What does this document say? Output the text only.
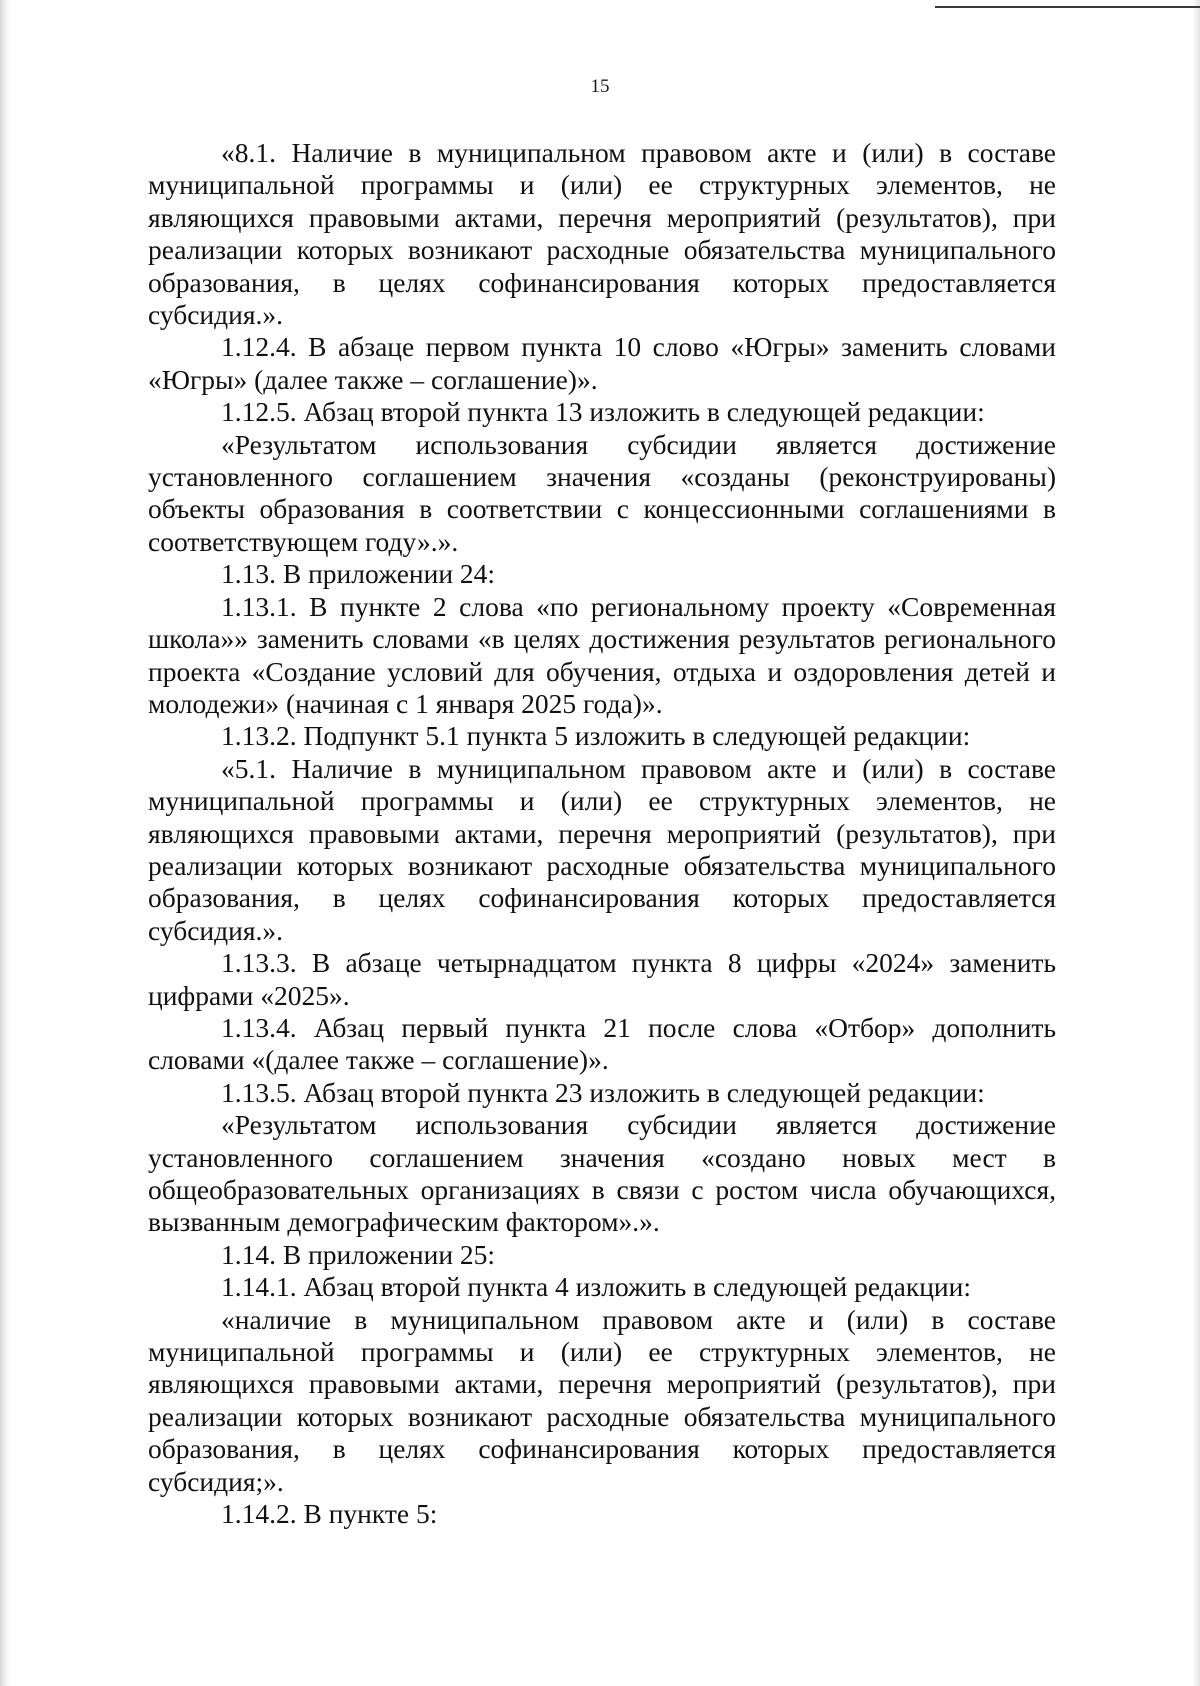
15

«8.1. Наличие в муниципальном правовом акте и (или) в составе муниципальной программы и (или) ее структурных элементов, не являющихся правовыми актами, перечня мероприятий (результатов), при реализации которых возникают расходные обязательства муниципального образования, в целях софинансирования которых предоставляется субсидия.».

1.12.4. В абзаце первом пункта 10 слово «Югры» заменить словами «Югры» (далее также – соглашение)».

1.12.5. Абзац второй пункта 13 изложить в следующей редакции:

«Результатом использования субсидии является достижение установленного соглашением значения «созданы (реконструированы) объекты образования в соответствии с концессионными соглашениями в соответствующем году».».

1.13. В приложении 24:

1.13.1. В пункте 2 слова «по региональному проекту «Современная школа»» заменить словами «в целях достижения результатов регионального проекта «Создание условий для обучения, отдыха и оздоровления детей и молодежи» (начиная с 1 января 2025 года)».

1.13.2. Подпункт 5.1 пункта 5 изложить в следующей редакции:

«5.1. Наличие в муниципальном правовом акте и (или) в составе муниципальной программы и (или) ее структурных элементов, не являющихся правовыми актами, перечня мероприятий (результатов), при реализации которых возникают расходные обязательства муниципального образования, в целях софинансирования которых предоставляется субсидия.».

1.13.3. В абзаце четырнадцатом пункта 8 цифры «2024» заменить цифрами «2025».

1.13.4. Абзац первый пункта 21 после слова «Отбор» дополнить словами «(далее также – соглашение)».

1.13.5. Абзац второй пункта 23 изложить в следующей редакции:

«Результатом использования субсидии является достижение установленного соглашением значения «создано новых мест в общеобразовательных организациях в связи с ростом числа обучающихся, вызванным демографическим фактором».».

1.14. В приложении 25:

1.14.1. Абзац второй пункта 4 изложить в следующей редакции:

«наличие в муниципальном правовом акте и (или) в составе муниципальной программы и (или) ее структурных элементов, не являющихся правовыми актами, перечня мероприятий (результатов), при реализации которых возникают расходные обязательства муниципального образования, в целях софинансирования которых предоставляется субсидия;».

1.14.2. В пункте 5:
